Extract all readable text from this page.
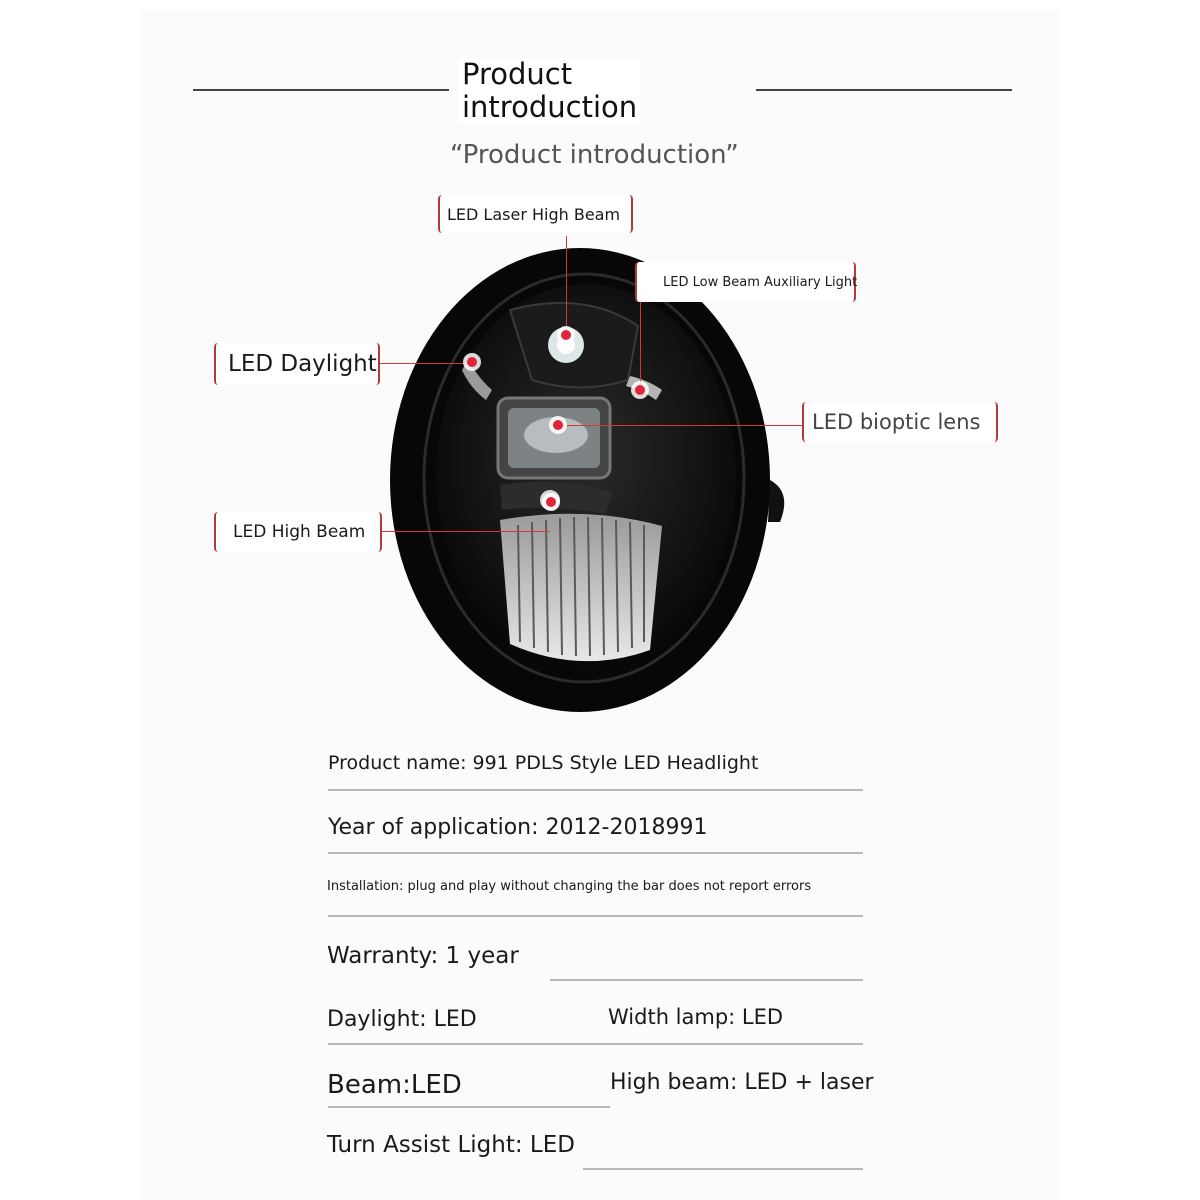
Product
introduction
“Product introduction”
LED Laser High Beam
LED Low Beam Auxiliary Light
LED Daylight
LED bioptic lens
LED High Beam
Product name: 991 PDLS Style LED Headlight
Year of application: 2012-2018991
Installation: plug and play without changing the bar does not report errors
Warranty: 1 year
Daylight: LED	Width lamp: LED
Beam:LED	High beam: LED + laser
Turn Assist Light: LED
